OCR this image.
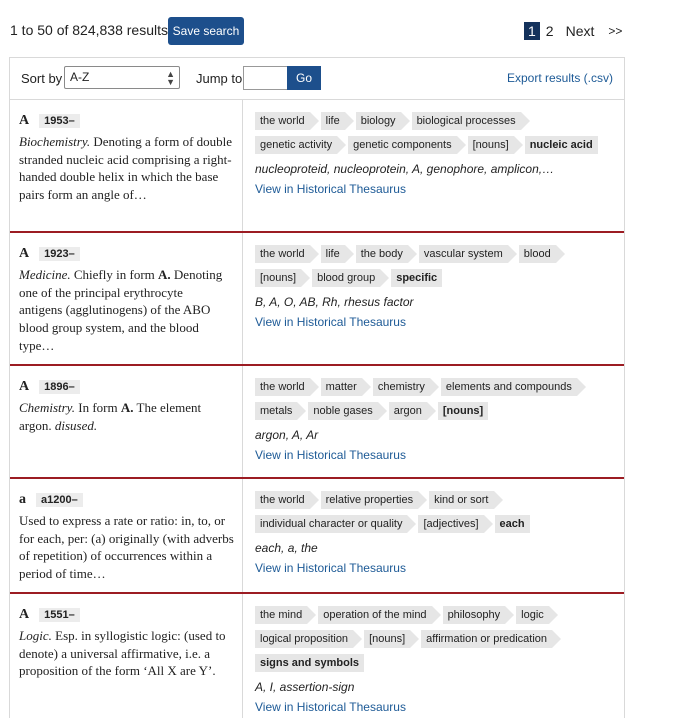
1 to 50 of 824,838 results Save search	1 2 Next >>
Sort by A-Z	▲
▼ Jump to	Go	Export results (.csv)
A	1953–
Biochemistry. Denoting a form of double stranded nucleic acid comprising a right-handed double helix in which the base pairs form an angle of…
the world	life	biology	biological processes
genetic activity	genetic components	[nouns]	nucleic acid
nucleoproteid, nucleoprotein, A, genophore, amplicon,…
View in Historical Thesaurus
A	1923–
Medicine. Chiefly in form A. Denoting one of the principal erythrocyte antigens (agglutinogens) of the ABO blood group system, and the blood type…
the world	life	the body	vascular system	blood
[nouns]	blood group	specific
B, A, O, AB, Rh, rhesus factor
View in Historical Thesaurus
A	1896–
Chemistry. In form A. The element argon. disused.
the world	matter	chemistry	elements and compounds
metals	noble gases	argon	[nouns]
argon, A, Ar
View in Historical Thesaurus
a	a1200–
Used to express a rate or ratio: in, to, or for each, per: (a) originally (with adverbs of repetition) of occurrences within a period of time…
the world	relative properties	kind or sort
individual character or quality	[adjectives]	each
each, a, the
View in Historical Thesaurus
A	1551–
Logic. Esp. in syllogistic logic: (used to denote) a universal affirmative, i.e. a proposition of the form ‘All X are Y’.
the mind	operation of the mind	philosophy	logic
logical proposition	[nouns]	affirmation or predication
signs and symbols
A, I, assertion-sign
View in Historical Thesaurus
